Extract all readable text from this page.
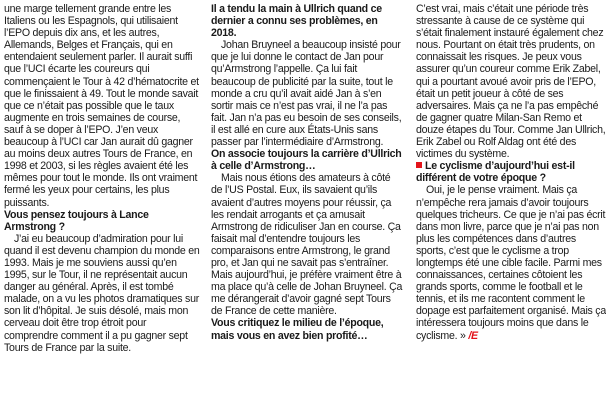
une marge tellement grande entre les Italiens ou les Espagnols, qui utilisaient l’EPO depuis dix ans, et les autres, Allemands, Belges et Français, qui en entendaient seulement parler. Il aurait suffi que l’UCI écarte les coureurs qui commençaient le Tour à 42 d’hématocrite et que le finissaient à 49. Tout le monde savait que ce n’était pas possible que le taux augmente en trois semaines de course, sauf à se doper à l’EPO. J’en veux beaucoup à l’UCI car Jan aurait dû gagner au moins deux autres Tours de France, en 1998 et 2003, si les règles avaient été les mêmes pour tout le monde. Ils ont vraiment fermé les yeux pour certains, les plus puissants.

Vous pensez toujours à Lance Armstrong ?

J’ai eu beaucoup d’admiration pour lui quand il est devenu champion du monde en 1993. Mais je me souviens aussi qu’en 1995, sur le Tour, il ne représentait aucun danger au général. Après, il est tombé malade, on a vu les photos dramatiques sur son lit d’hôpital. Je suis désolé, mais mon cerveau doit être trop étroit pour comprendre comment il a pu gagner sept Tours de France par la suite.

Il a tendu la main à Ullrich quand ce dernier a connu ses problèmes, en 2018.

Johan Bruyneel a beaucoup insisté pour que je lui donne le contact de Jan pour qu’Armstrong l’appelle. Ça lui fait beaucoup de publicité par la suite, tout le monde a cru qu’il avait aidé Jan à s’en sortir mais ce n’est pas vrai, il ne l’a pas fait. Jan n’a pas eu besoin de ses conseils, il est allé en cure aux États-Unis sans passer par l’intermédiaire d’Armstrong.

On associe toujours la carrière d’Ullrich à celle d’Armstrong…

Mais nous étions des amateurs à côté de l’US Postal. Eux, ils savaient qu’ils avaient d’autres moyens pour réussir, ça les rendait arrogants et ça amusait Armstrong de ridiculiser Jan en course. Ça faisait mal d’entendre toujours les comparaisons entre Armstrong, le grand pro, et Jan qui ne savait pas s’entraîner. Mais aujourd’hui, je préfère vraiment être à ma place qu’à celle de Johan Bruyneel. Ça me dérangerait d’avoir gagné sept Tours de France de cette manière.

Vous critiquez le milieu de l’époque, mais vous en avez bien profité…

C’est vrai, mais c’était une période très stressante à cause de ce système qui s’était finalement instauré également chez nous. Pourtant on était très prudents, on connaissait les risques. Je peux vous assurer qu’un coureur comme Erik Zabel, qui a pourtant avoué avoir pris de l’EPO, était un petit joueur à côté de ses adversaires. Mais ça ne l’a pas empêché de gagner quatre Milan-San Remo et douze étapes du Tour. Comme Jan Ullrich, Erik Zabel ou Rolf Aldag ont été des victimes du système.

Le cyclisme d’aujourd’hui est-il différent de votre époque ?

Oui, je le pense vraiment. Mais ça n’empêche rera jamais d’avoir toujours quelques tricheurs. Ce que je n’ai pas écrit dans mon livre, parce que je n’ai pas non plus les compétences dans d’autres sports, c’est que le cyclisme a trop longtemps été une cible facile. Parmi mes connaissances, certaines côtoient les grands sports, comme le football et le tennis, et ils me racontent comment le dopage est parfaitement organisé. Mais ça intéressera toujours moins que dans le cyclisme. » /E
